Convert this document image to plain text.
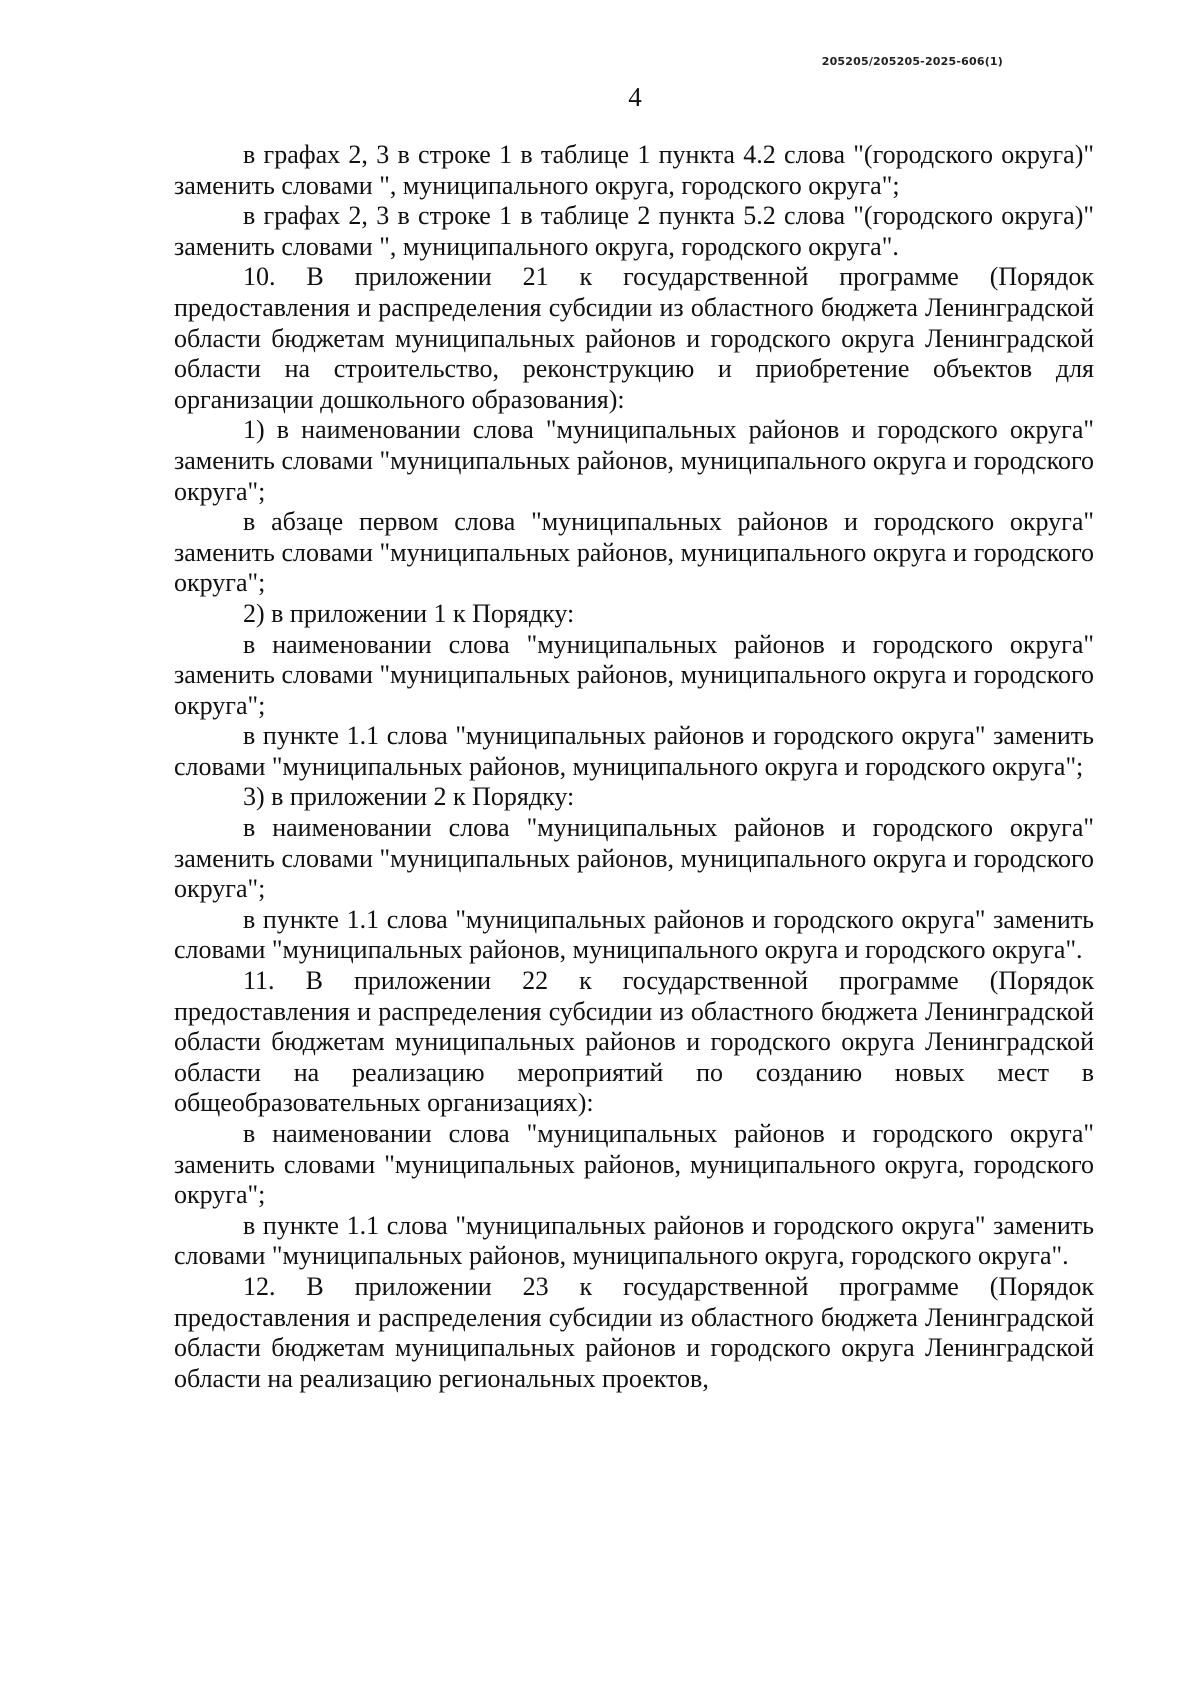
205205/205205-2025-606(1)
4

в графах 2, 3 в строке 1 в таблице 1 пункта 4.2 слова "(городского округа)" заменить словами ", муниципального округа, городского округа";

в графах 2, 3 в строке 1 в таблице 2 пункта 5.2 слова "(городского округа)" заменить словами ", муниципального округа, городского округа".

10. В приложении 21 к государственной программе (Порядок предоставления и распределения субсидии из областного бюджета Ленинградской области бюджетам муниципальных районов и городского округа Ленинградской области на строительство, реконструкцию и приобретение объектов для организации дошкольного образования):

1) в наименовании слова "муниципальных районов и городского округа" заменить словами "муниципальных районов, муниципального округа и городского округа";

в абзаце первом слова "муниципальных районов и городского округа" заменить словами "муниципальных районов, муниципального округа и городского округа";

2) в приложении 1 к Порядку:

в наименовании слова "муниципальных районов и городского округа" заменить словами "муниципальных районов, муниципального округа и городского округа";

в пункте 1.1 слова "муниципальных районов и городского округа" заменить словами "муниципальных районов, муниципального округа и городского округа";

3) в приложении 2 к Порядку:

в наименовании слова "муниципальных районов и городского округа" заменить словами "муниципальных районов, муниципального округа и городского округа";

в пункте 1.1 слова "муниципальных районов и городского округа" заменить словами "муниципальных районов, муниципального округа и городского округа".

11. В приложении 22 к государственной программе (Порядок предоставления и распределения субсидии из областного бюджета Ленинградской области бюджетам муниципальных районов и городского округа Ленинградской области на реализацию мероприятий по созданию новых мест в общеобразовательных организациях):

в наименовании слова "муниципальных районов и городского округа" заменить словами "муниципальных районов, муниципального округа, городского округа";

в пункте 1.1 слова "муниципальных районов и городского округа" заменить словами "муниципальных районов, муниципального округа, городского округа".

12. В приложении 23 к государственной программе (Порядок предоставления и распределения субсидии из областного бюджета Ленинградской области бюджетам муниципальных районов и городского округа Ленинградской области на реализацию региональных проектов,
